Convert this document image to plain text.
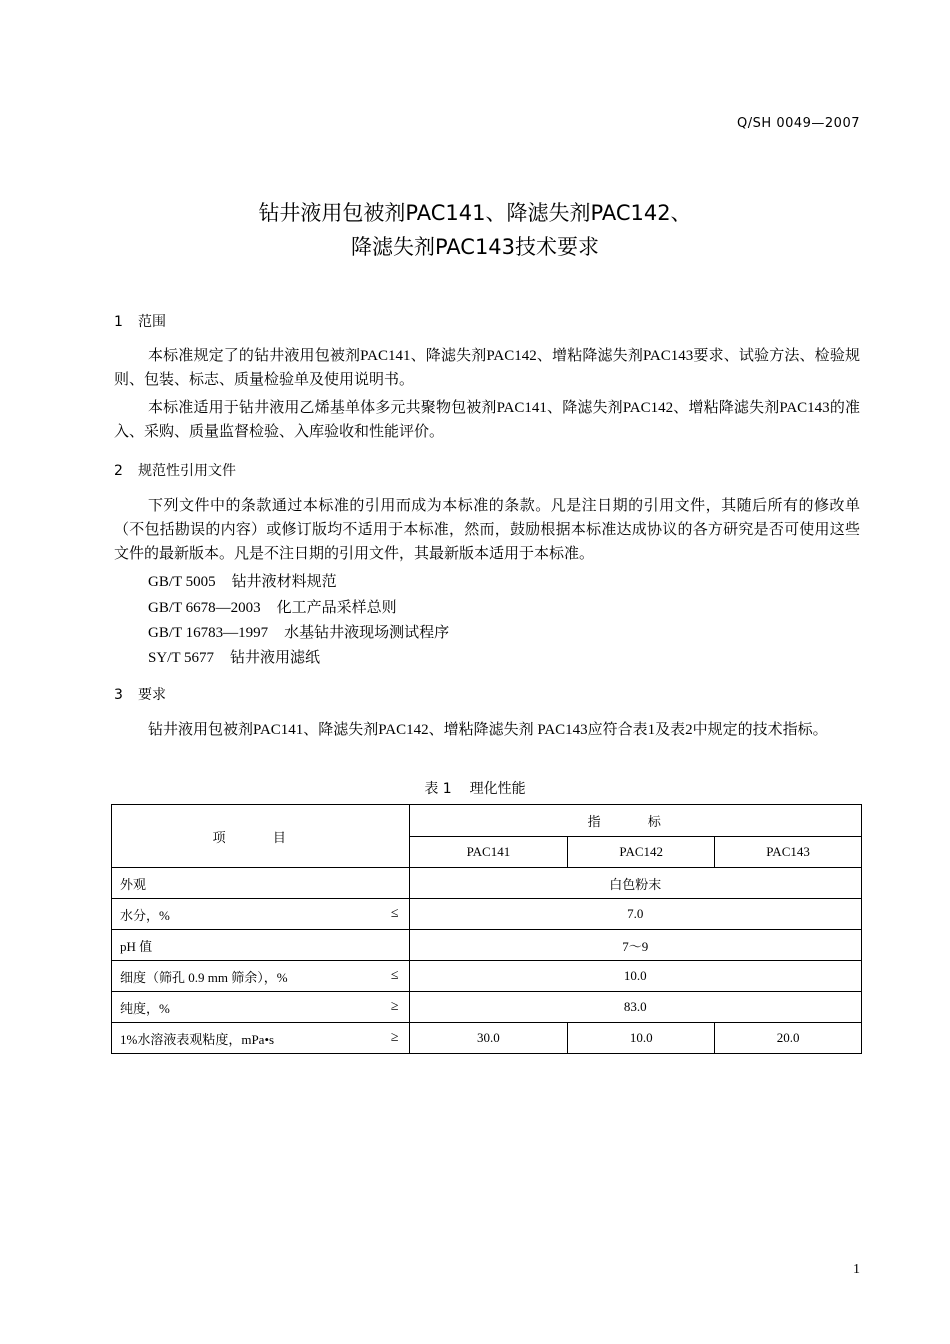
Q/SH 0049—2007
钻井液用包被剂PAC141、降滤失剂PAC142、
降滤失剂PAC143技术要求
1 范围
本标准规定了的钻井液用包被剂PAC141、降滤失剂PAC142、增粘降滤失剂PAC143要求、试验方法、检验规则、包装、标志、质量检验单及使用说明书。
本标准适用于钻井液用乙烯基单体多元共聚物包被剂PAC141、降滤失剂PAC142、增粘降滤失剂PAC143的准入、采购、质量监督检验、入库验收和性能评价。
2 规范性引用文件
下列文件中的条款通过本标准的引用而成为本标准的条款。凡是注日期的引用文件，其随后所有的修改单（不包括勘误的内容）或修订版均不适用于本标准，然而，鼓励根据本标准达成协议的各方研究是否可使用这些文件的最新版本。凡是不注日期的引用文件，其最新版本适用于本标准。
GB/T 5005 钻井液材料规范
GB/T 6678—2003 化工产品采样总则
GB/T 16783—1997 水基钻井液现场测试程序
SY/T 5677 钻井液用滤纸
3 要求
钻井液用包被剂PAC141、降滤失剂PAC142、增粘降滤失剂 PAC143应符合表1及表2中规定的技术指标。
表 1 理化性能
项 目	指 标		
	PAC141	PAC142	PAC143
外观	白色粉末		
水分，% ≤	7.0		
pH 值	7～9		
细度（筛孔 0.9 mm 筛余），% ≤	10.0		
纯度，% ≥	83.0		
1%水溶液表观粘度，mPa•s ≥	30.0	10.0	20.0
1
